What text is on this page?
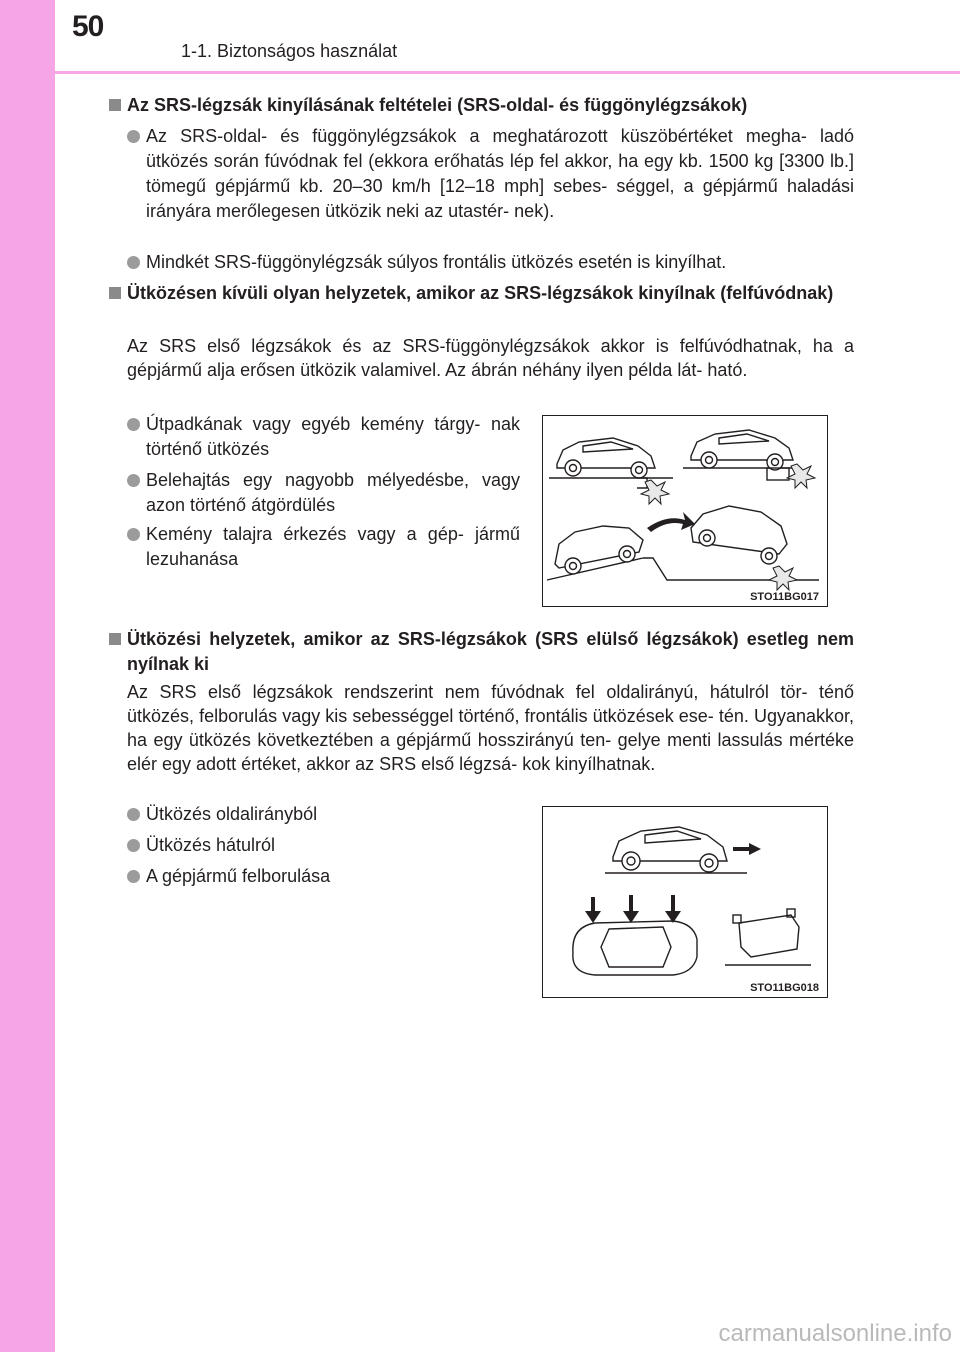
50
1-1. Biztonságos használat
Az SRS-légzsák kinyílásának feltételei (SRS-oldal- és függönylégzsákok)
Az SRS-oldal- és függönylégzsákok a meghatározott küszöbértéket megha- ladó ütközés során fúvódnak fel (ekkora erőhatás lép fel akkor, ha egy kb. 1500 kg [3300 lb.] tömegű gépjármű kb. 20–30 km/h [12–18 mph] sebes- séggel, a gépjármű haladási irányára merőlegesen ütközik neki az utastér- nek).
Mindkét SRS-függönylégzsák súlyos frontális ütközés esetén is kinyílhat.
Ütközésen kívüli olyan helyzetek, amikor az SRS-légzsákok kinyílnak (felfúvódnak)
Az SRS első légzsákok és az SRS-függönylégzsákok akkor is felfúvódhatnak, ha a gépjármű alja erősen ütközik valamivel. Az ábrán néhány ilyen példa lát- ható.
Útpadkának vagy egyéb kemény tárgy- nak történő ütközés
Belehajtás egy nagyobb mélyedésbe, vagy azon történő átgördülés
Kemény talajra érkezés vagy a gép- jármű lezuhanása
STO11BG017
Ütközési helyzetek, amikor az SRS-légzsákok (SRS elülső légzsákok) esetleg nem nyílnak ki
Az SRS első légzsákok rendszerint nem fúvódnak fel oldalirányú, hátulról tör- ténő ütközés, felborulás vagy kis sebességgel történő, frontális ütközések ese- tén. Ugyanakkor, ha egy ütközés következtében a gépjármű hosszirányú ten- gelye menti lassulás mértéke elér egy adott értéket, akkor az SRS első légzsá- kok kinyílhatnak.
Ütközés oldalirányból
Ütközés hátulról
A gépjármű felborulása
STO11BG018
carmanualsonline.info
